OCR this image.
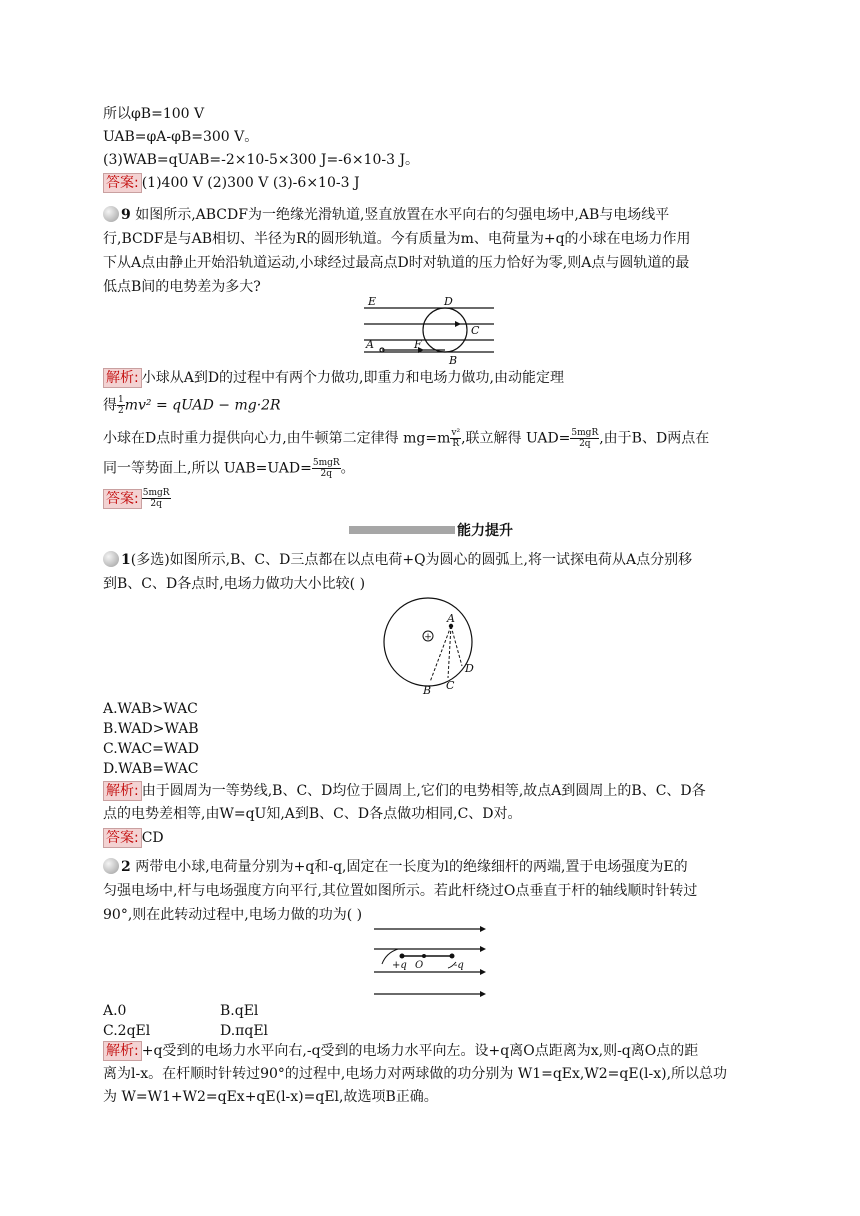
所以φB=100 V
UAB=φA-φB=300 V。
(3)WAB=qUAB=-2×10-5×300 J=-6×10-3 J。
答案: (1)400 V (2)300 V (3)-6×10-3 J
9 如图所示,ABCDF为一绝缘光滑轨道,竖直放置在水平向右的匀强电场中,AB与电场线平
行,BCDF是与AB相切、半径为R的圆形轨道。今有质量为m、电荷量为+q的小球在电场力作用
下从A点由静止开始沿轨道运动,小球经过最高点D时对轨道的压力恰好为零,则A点与圆轨道的最
低点B间的电势差为多大?
E	D
C
A	F
B
解析: 小球从A到D的过程中有两个力做功,即重力和电场力做功,由动能定理
得 $\frac{1}{2} mv^2$ = qUAD − mg·2R
小球在D点时重力提供向心力,由牛顿第二定律得 $mg=m \frac{\text{v²}}{R}$ ,联立解得 $UAD= \frac{\text{5mgR}}{2q}$ ,由于B、D两点在
同一等势面上,所以 $UAB=UAD= \frac{\text{5mgR}}{2q}$ 。
答案: $\frac{\text{5mgR}}{2q}$
能力提升
1(多选)如图所示,B、C、D三点都在以点电荷+Q为圆心的圆弧上,将一试探电荷从A点分别移
到B、C、D各点时,电场力做功大小比较( )
+
A
B C
D
A.WAB>WAC
B.WAD>WAB
C.WAC=WAD
D.WAB=WAC
解析: 由于圆周为一等势线,B、C、D均位于圆周上,它们的电势相等,故点A到圆周上的B、C、D各
点的电势差相等,由W=qU知,A到B、C、D各点做功相同,C、D对。
答案: CD
2 两带电小球,电荷量分别为+q和-q,固定在一长度为l的绝缘细杆的两端,置于电场强度为E的
匀强电场中,杆与电场强度方向平行,其位置如图所示。若此杆绕过O点垂直于杆的轴线顺时针转过
90°,则在此转动过程中,电场力做的功为( )
+q O	-q
A.0	B.qEl
C.2qEl	D.πqEl
解析: +q受到的电场力水平向右,-q受到的电场力水平向左。设+q离O点距离为x,则-q离O点的距
离为l-x。在杆顺时针转过90°的过程中,电场力对两球做的功分别为 W1=qEx,W2=qE(l-x),所以总功
为 W=W1+W2=qEx+qE(l-x)=qEl,故选项B正确。
